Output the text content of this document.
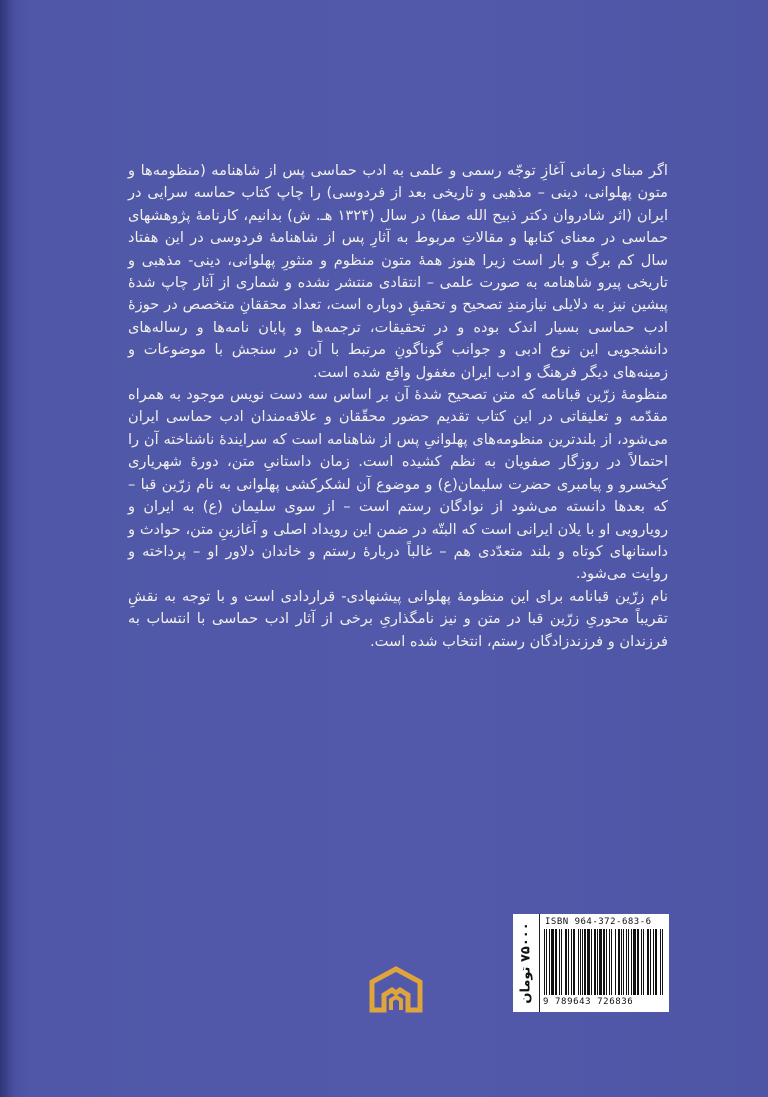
اگر مبنای زمانی آغازِ توجّه رسمی و علمی به ادب حماسی پس از شاهنامه (منظومه‌ها و متون پهلوانی، دینی – مذهبی و تاریخی بعد از فردوسی) را چاپ کتاب حماسه سرایی در ایران (اثر شادروان دکتر ذبیح الله صفا) در سال (۱۳۲۴ هـ. ش) بدانیم، کارنامهٔ پژوهشهای حماسی در معنای کتابها و مقالاتِ مربوط به آثارِ پس از شاهنامهٔ فردوسی در این هفتاد سال کم برگ و بار است زیرا هنوز همهٔ متون منظوم و منثورِ پهلوانی، دینی- مذهبی و تاریخی پیرو شاهنامه به صورت علمی – انتقادی منتشر نشده و شماری از آثار چاپ شدهٔ پیشین نیز به دلایلی نیازمندِ تصحیح و تحقیقِ دوباره است، تعداد محققانِ متخصص در حوزهٔ ادب حماسی بسیار اندک بوده و در تحقیقات، ترجمه‌ها و پایان نامه‌ها و رساله‌های دانشجویی این نوع ادبی و جوانب گوناگونِ مرتبط با آن در سنجش با موضوعات و زمینه‌های دیگر فرهنگ و ادب ایران مغفول واقع شده است.

منظومهٔ زرّین قبانامه که متن تصحیح شدهٔ آن بر اساس سه دست نویس موجود به همراه مقدّمه و تعلیقاتی در این کتاب تقدیم حضور محقّقان و علاقه‌مندان ادب حماسی ایران می‌شود، از بلندترین منظومه‌های پهلوانیِ پس از شاهنامه است که سرایندهٔ ناشناخته آن را احتمالاً در روزگار صفویان به نظم کشیده است. زمان داستانیِ متن، دورهٔ شهریاری کیخسرو و پیامبری حضرت سلیمان(ع) و موضوع آن لشکرکشی پهلوانی به نام زرّین قبا – که بعدها دانسته می‌شود از نوادگان رستم است – از سوی سلیمان (ع) به ایران و رویارویی او با یلان ایرانی است که البتّه در ضمن این رویداد اصلی و آغازینِ متن، حوادث و داستانهای کوتاه و بلند متعدّدی هم – غالباً دربارهٔ رستم و خاندان دلاور او – پرداخته و روایت می‌شود.

نام زرّین قبانامه برای این منظومهٔ پهلوانی پیشنهادی- قراردادی است و با توجه به نقشِ تقریباً محوریِ زرّین قبا در متن و نیز نامگذاریِ برخی از آثار ادب حماسی با انتساب به فرزندان و فرزندزادگان رستم، انتخاب شده است.

۷۵۰۰۰ تومان
ISBN 964-372-683-6
9 789643 726836
